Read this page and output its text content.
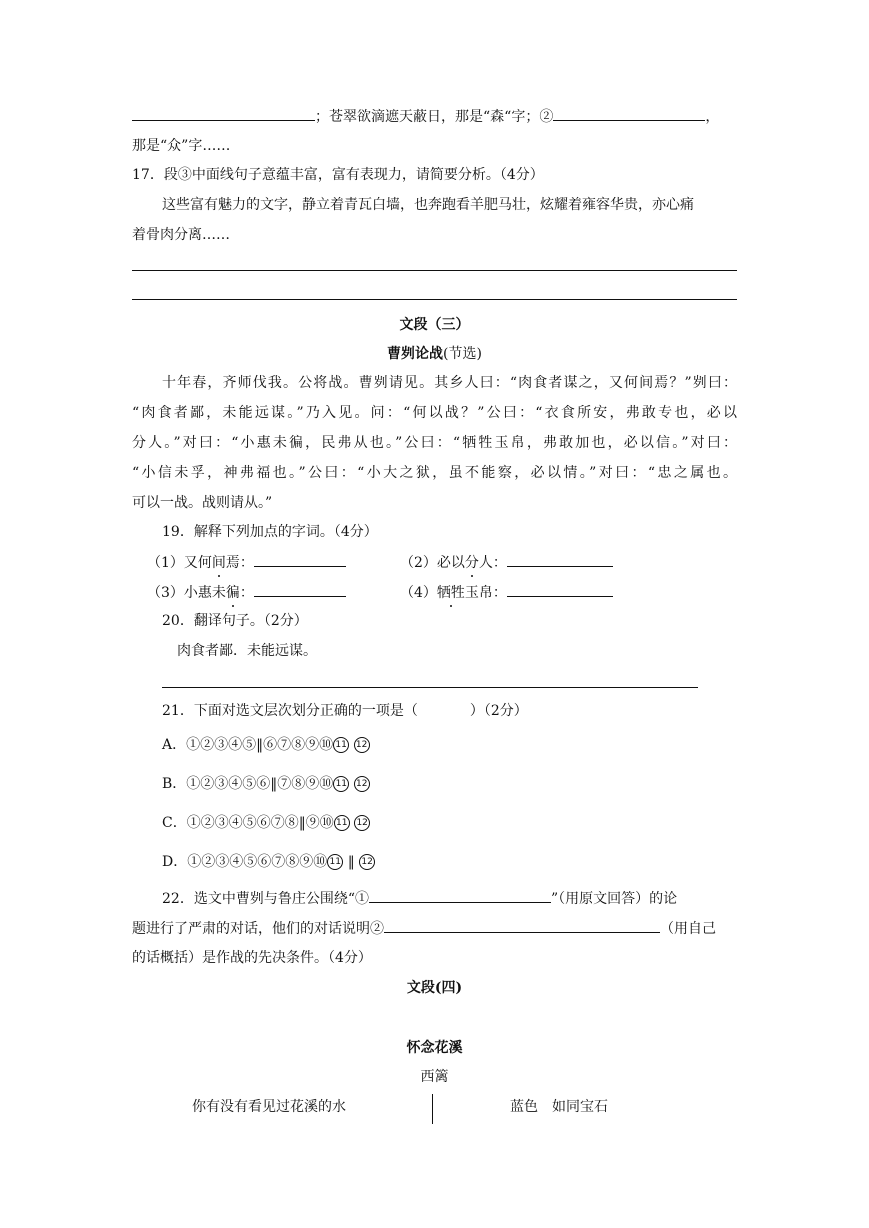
；苍翠欲滴遮天蔽日，那是“森“字；②	，
那是“众”字……
17．段③中面线句子意蕴丰富，富有表现力，请简要分析。（4分）
这些富有魅力的文字，静立着青瓦白墙，也奔跑看羊肥马壮，炫耀着雍容华贵，亦心痛
着骨肉分离……
文段（三）
曹刿论战(节选)
十年春，齐师伐我。公将战。曹刿请见。其乡人曰：“肉食者谋之，又何间焉？”刿曰：
“肉食者鄙，未能远谋。”乃入见。问：“何以战？”公曰：“衣食所安，弗敢专也，必以
分人。”对曰：“小惠未徧，民弗从也。”公曰：“牺牲玉帛，弗敢加也，必以信。”对曰：
“小信未孚，神弗福也。”公曰：“小大之狱，虽不能察，必以情。”对曰：“忠之属也。
可以一战。战则请从。”
19．解释下列加点的字词。（4分）
（1）又何间焉：	（2）必以分人：
（3）小惠未徧：	（4）牺牲玉帛：
20．翻译句子。（2分）
肉食者鄙．未能远谋。
21．下面对选文层次划分正确的一项是（	）（2分）
A．①②③④⑤‖⑥⑦⑧⑨⑩ 11 12
B．①②③④⑤⑥‖⑦⑧⑨⑩ 11 12
C．①②③④⑤⑥⑦⑧‖⑨⑩ 11 12
D．①②③④⑤⑥⑦⑧⑨⑩ 11 ‖ 12
22．选文中曹刿与鲁庄公围绕“①	”（用原文回答）的论
题进行了严肃的对话，他们的对话说明②	（用自己
的话概括）是作战的先决条件。（4分）
文段(四)
怀念花溪
西篱
你有没有看见过花溪的水	蓝色　如同宝石
